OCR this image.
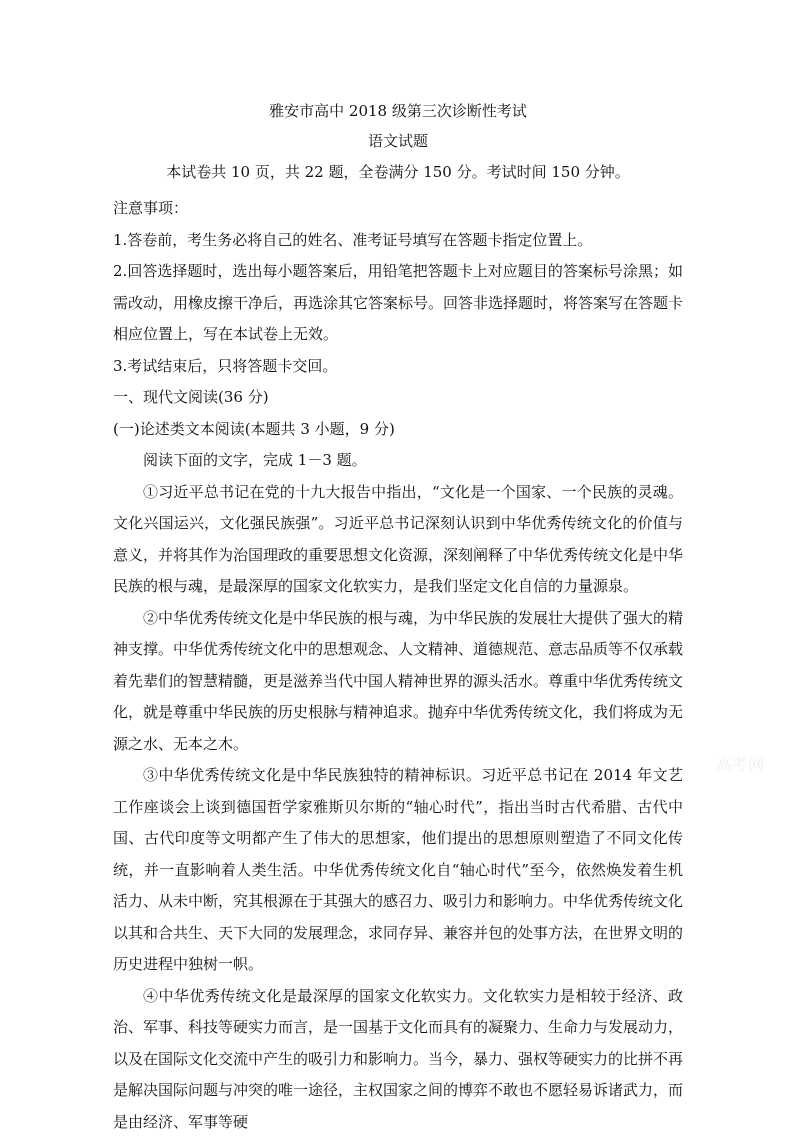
雅安市高中 2018 级第三次诊断性考试
语文试题
本试卷共 10 页，共 22 题，全卷满分 150 分。考试时间 150 分钟。

注意事项：

1.答卷前，考生务必将自己的姓名、准考证号填写在答题卡指定位置上。

2.回答选择题时，选出每小题答案后，用铅笔把答题卡上对应题目的答案标号涂黑；如需改动，用橡皮擦干净后，再选涂其它答案标号。回答非选择题时，将答案写在答题卡相应位置上，写在本试卷上无效。

3.考试结束后，只将答题卡交回。

一、现代文阅读(36 分)

(一)论述类文本阅读(本题共 3 小题，9 分)

阅读下面的文字，完成 1－3 题。

①习近平总书记在党的十九大报告中指出，“文化是一个国家、一个民族的灵魂。文化兴国运兴，文化强民族强”。习近平总书记深刻认识到中华优秀传统文化的价值与意义，并将其作为治国理政的重要思想文化资源，深刻阐释了中华优秀传统文化是中华民族的根与魂，是最深厚的国家文化软实力，是我们坚定文化自信的力量源泉。

②中华优秀传统文化是中华民族的根与魂，为中华民族的发展壮大提供了强大的精神支撑。中华优秀传统文化中的思想观念、人文精神、道德规范、意志品质等不仅承载着先辈们的智慧精髓，更是滋养当代中国人精神世界的源头活水。尊重中华优秀传统文化，就是尊重中华民族的历史根脉与精神追求。抛弃中华优秀传统文化，我们将成为无源之水、无本之木。

③中华优秀传统文化是中华民族独特的精神标识。习近平总书记在 2014 年文艺工作座谈会上谈到德国哲学家雅斯贝尔斯的“轴心时代”，指出当时古代希腊、古代中国、古代印度等文明都产生了伟大的思想家，他们提出的思想原则塑造了不同文化传统，并一直影响着人类生活。中华优秀传统文化自“轴心时代”至今，依然焕发着生机活力、从未中断，究其根源在于其强大的感召力、吸引力和影响力。中华优秀传统文化以其和合共生、天下大同的发展理念，求同存异、兼容并包的处事方法，在世界文明的历史进程中独树一帜。

④中华优秀传统文化是最深厚的国家文化软实力。文化软实力是相较于经济、政治、军事、科技等硬实力而言，是一国基于文化而具有的凝聚力、生命力与发展动力，以及在国际文化交流中产生的吸引力和影响力。当今，暴力、强权等硬实力的比拼不再是解决国际问题与冲突的唯一途径，主权国家之间的博弈不敢也不愿轻易诉诸武力，而是由经济、军事等硬

高考网
